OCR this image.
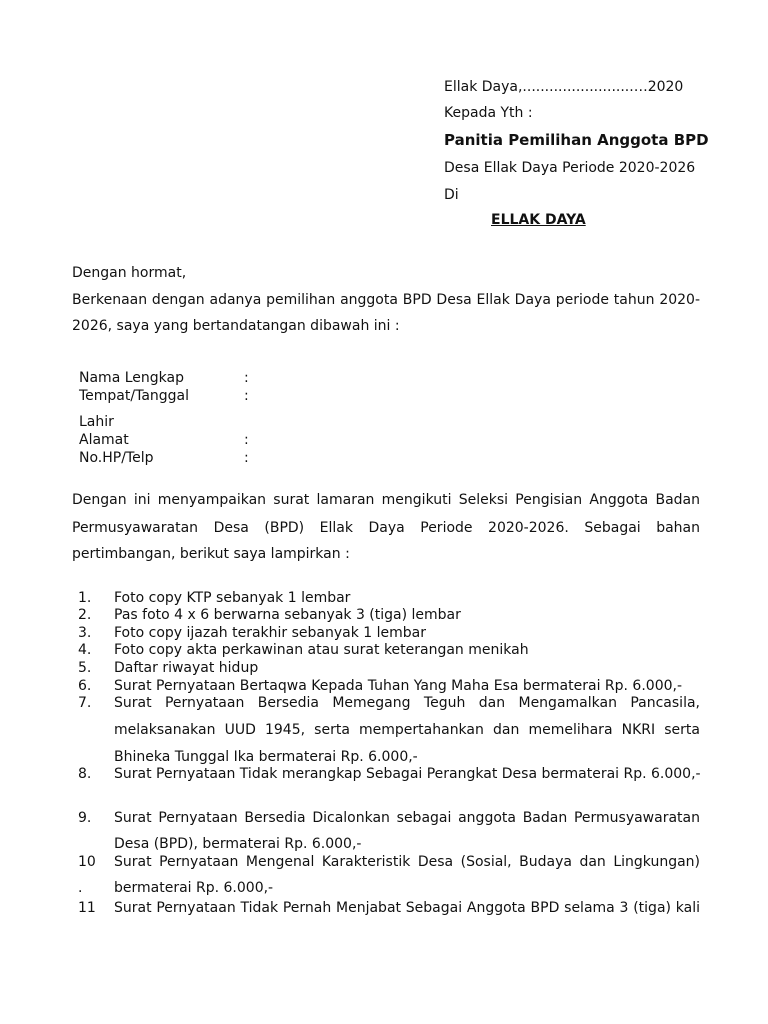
Ellak Daya,.........................…2020
Kepada Yth :
Panitia Pemilihan Anggota BPD
Desa Ellak Daya Periode 2020-2026
Di
ELLAK DAYA
Dengan hormat,
Berkenaan dengan adanya pemilihan anggota BPD Desa Ellak Daya periode tahun 2020-
2026, saya yang bertandatangan dibawah ini :
Nama Lengkap	:
Tempat/Tanggal	:
Lahir
Alamat	:
No.HP/Telp	:
Dengan ini menyampaikan surat lamaran mengikuti Seleksi Pengisian Anggota Badan
Permusyawaratan Desa (BPD) Ellak Daya Periode 2020-2026. Sebagai bahan
pertimbangan, berikut saya lampirkan :
1. Foto copy KTP sebanyak 1 lembar
2. Pas foto 4 x 6 berwarna sebanyak 3 (tiga) lembar
3. Foto copy ijazah terakhir sebanyak 1 lembar
4. Foto copy akta perkawinan atau surat keterangan menikah
5. Daftar riwayat hidup
6. Surat Pernyataan Bertaqwa Kepada Tuhan Yang Maha Esa bermaterai Rp. 6.000,-
7. Surat Pernyataan Bersedia Memegang Teguh dan Mengamalkan Pancasila,
melaksanakan UUD 1945, serta mempertahankan dan memelihara NKRI serta
Bhineka Tunggal Ika bermaterai Rp. 6.000,-
8. Surat Pernyataan Tidak merangkap Sebagai Perangkat Desa bermaterai Rp. 6.000,-
9. Surat Pernyataan Bersedia Dicalonkan sebagai anggota Badan Permusyawaratan
Desa (BPD), bermaterai Rp. 6.000,-
10 Surat Pernyataan Mengenal Karakteristik Desa (Sosial, Budaya dan Lingkungan)
. bermaterai Rp. 6.000,-
11 Surat Pernyataan Tidak Pernah Menjabat Sebagai Anggota BPD selama 3 (tiga) kali
